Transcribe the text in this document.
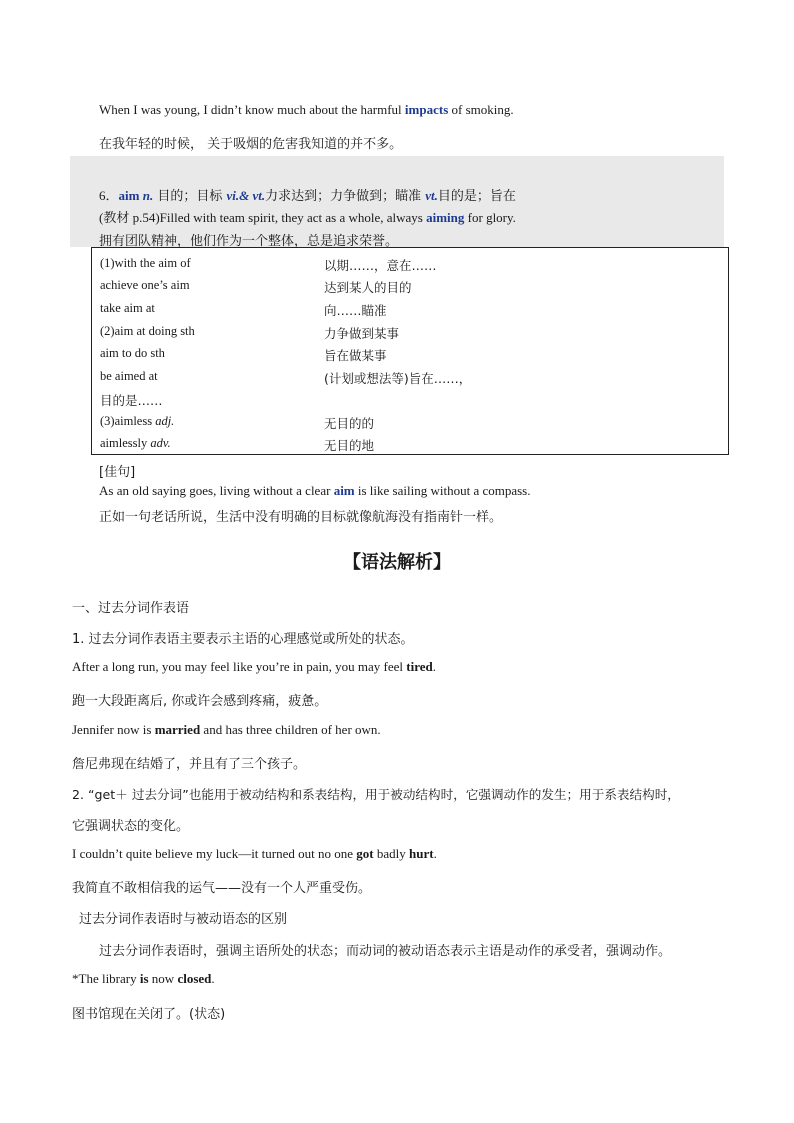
When I was young, I didn’t know much about the harmful impacts of smoking.
在我年轻的时候， 关于吸烟的危害我知道的并不多。
6．aim n. 目的；目标 vi.& vt.力求达到；力争做到；瞄准 vt.目的是；旨在
(教材 p.54)Filled with team spirit, they act as a whole, always aiming for glory.
拥有团队精神，他们作为一个整体，总是追求荣誉。
(1)with the aim of	以期……，意在……
achieve one’s aim	达到某人的目的
take aim at	向……瞄准
(2)aim at doing sth	力争做到某事
aim to do sth	旨在做某事
be aimed at	(计划或想法等)旨在……，
目的是……
(3)aimless adj.	无目的的
aimlessly adv.	无目的地
[佳句]
As an old saying goes, living without a clear aim is like sailing without a compass.
正如一句老话所说，生活中没有明确的目标就像航海没有指南针一样。
【语法解析】
一、过去分词作表语
1. 过去分词作表语主要表示主语的心理感觉或所处的状态。
After a long run, you may feel like you’re in pain, you may feel tired.
跑一大段距离后, 你或许会感到疼痛，疲惫。
Jennifer now is married and has three children of her own.
詹尼弗现在结婚了，并且有了三个孩子。
2. “get＋ 过去分词”也能用于被动结构和系表结构，用于被动结构时，它强调动作的发生；用于系表结构时，
它强调状态的变化。
I couldn’t quite believe my luck—it turned out no one got badly hurt.
我简直不敢相信我的运气——没有一个人严重受伤。
过去分词作表语时与被动语态的区别
过去分词作表语时，强调主语所处的状态；而动词的被动语态表示主语是动作的承受者，强调动作。
*The library is now closed.
图书馆现在关闭了。(状态)
